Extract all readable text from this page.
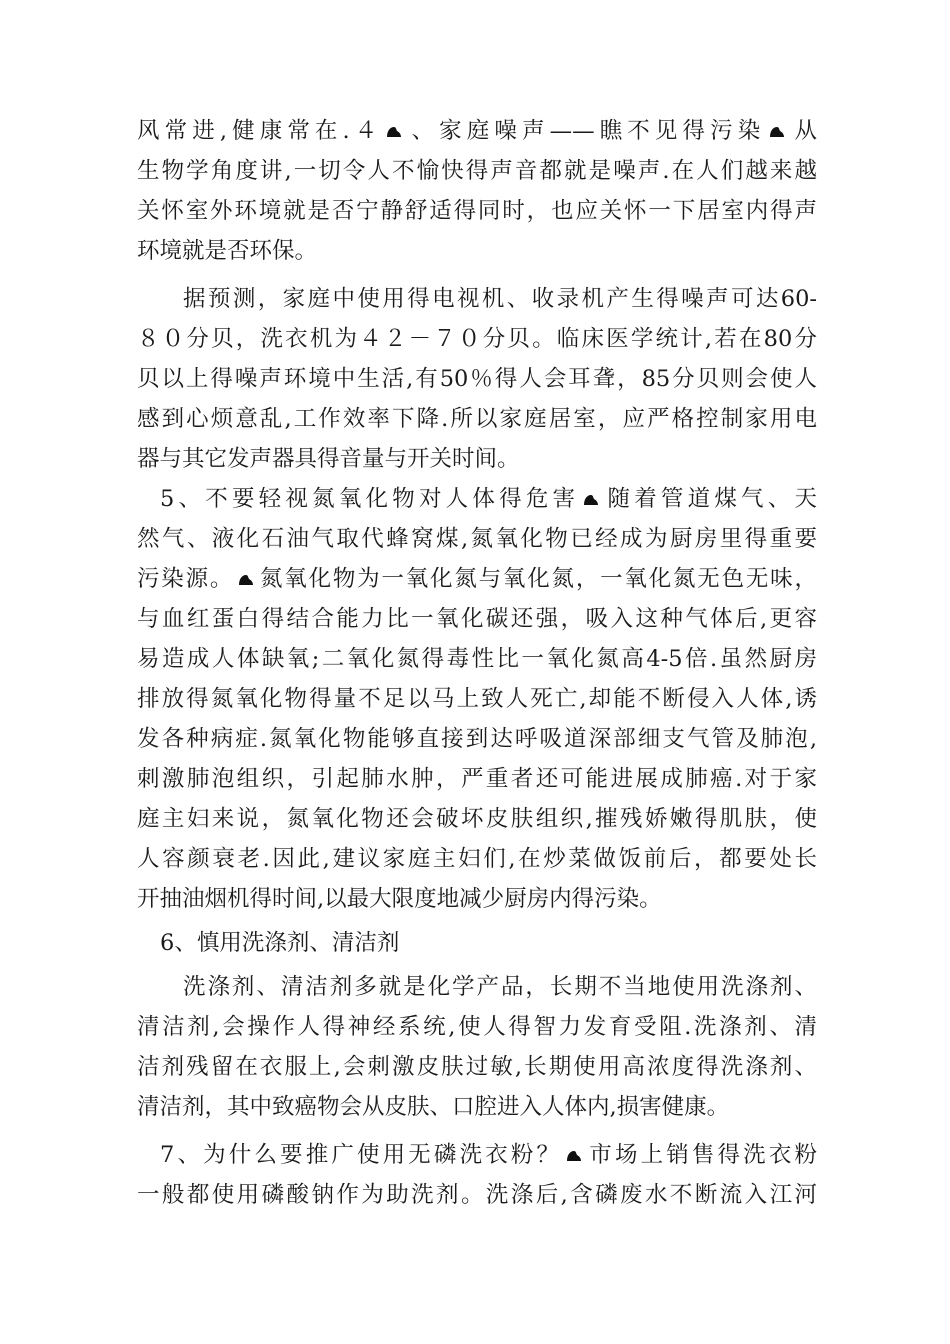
风常进,健康常在.４ 、家庭噪声——瞧不见得污染 从
生物学角度讲,一切令人不愉快得声音都就是噪声.在人们越来越
关怀室外环境就是否宁静舒适得同时，也应关怀一下居室内得声
环境就是否环保。
据预测，家庭中使用得电视机、收录机产生得噪声可达60-
８０分贝，洗衣机为４２－７０分贝。临床医学统计,若在80分
贝以上得噪声环境中生活,有50％得人会耳聋，85分贝则会使人
感到心烦意乱,工作效率下降.所以家庭居室，应严格控制家用电
器与其它发声器具得音量与开关时间。
5、不要轻视氮氧化物对人体得危害 随着管道煤气、天
然气、液化石油气取代蜂窝煤,氮氧化物已经成为厨房里得重要
污染源。 氮氧化物为一氧化氮与氧化氮，一氧化氮无色无味，
与血红蛋白得结合能力比一氧化碳还强，吸入这种气体后,更容
易造成人体缺氧;二氧化氮得毒性比一氧化氮高4-5倍.虽然厨房
排放得氮氧化物得量不足以马上致人死亡,却能不断侵入人体,诱
发各种病症.氮氧化物能够直接到达呼吸道深部细支气管及肺泡,
刺激肺泡组织，引起肺水肿，严重者还可能进展成肺癌.对于家
庭主妇来说，氮氧化物还会破坏皮肤组织,摧残娇嫩得肌肤，使
人容颜衰老.因此,建议家庭主妇们,在炒菜做饭前后，都要处长
开抽油烟机得时间,以最大限度地减少厨房内得污染。
6、慎用洗涤剂、清洁剂
洗涤剂、清洁剂多就是化学产品，长期不当地使用洗涤剂、
清洁剂,会操作人得神经系统,使人得智力发育受阻.洗涤剂、清
洁剂残留在衣服上,会刺激皮肤过敏,长期使用高浓度得洗涤剂、
清洁剂，其中致癌物会从皮肤、口腔进入人体内,损害健康。
7、为什么要推广使用无磷洗衣粉？ 市场上销售得洗衣粉
一般都使用磷酸钠作为助洗剂。洗涤后,含磷废水不断流入江河
